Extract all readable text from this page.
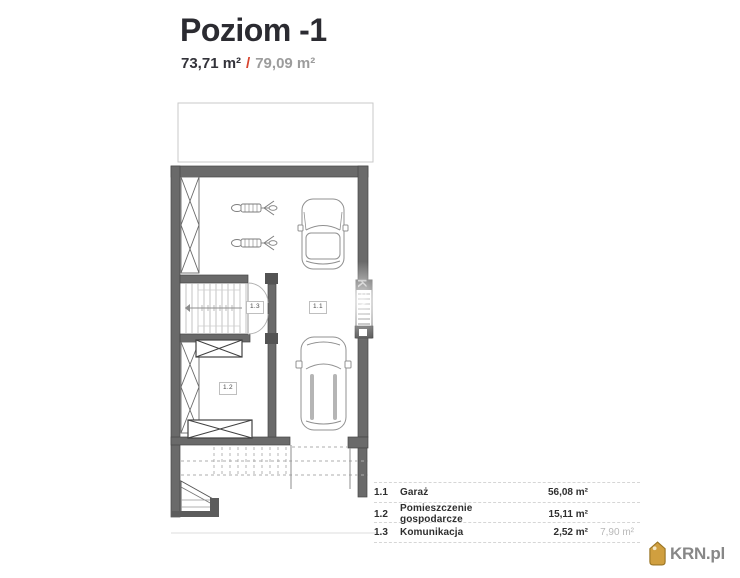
Poziom -1
73,71 m² / 79,09 m²
KRN
1.1
1.2
1.3
1.1	Garaż	56,08 m²
1.2	Pomieszczenie gospodarcze	15,11 m²
1.3	Komunikacja	2,52 m²	7,90 m²
KRN.pl
